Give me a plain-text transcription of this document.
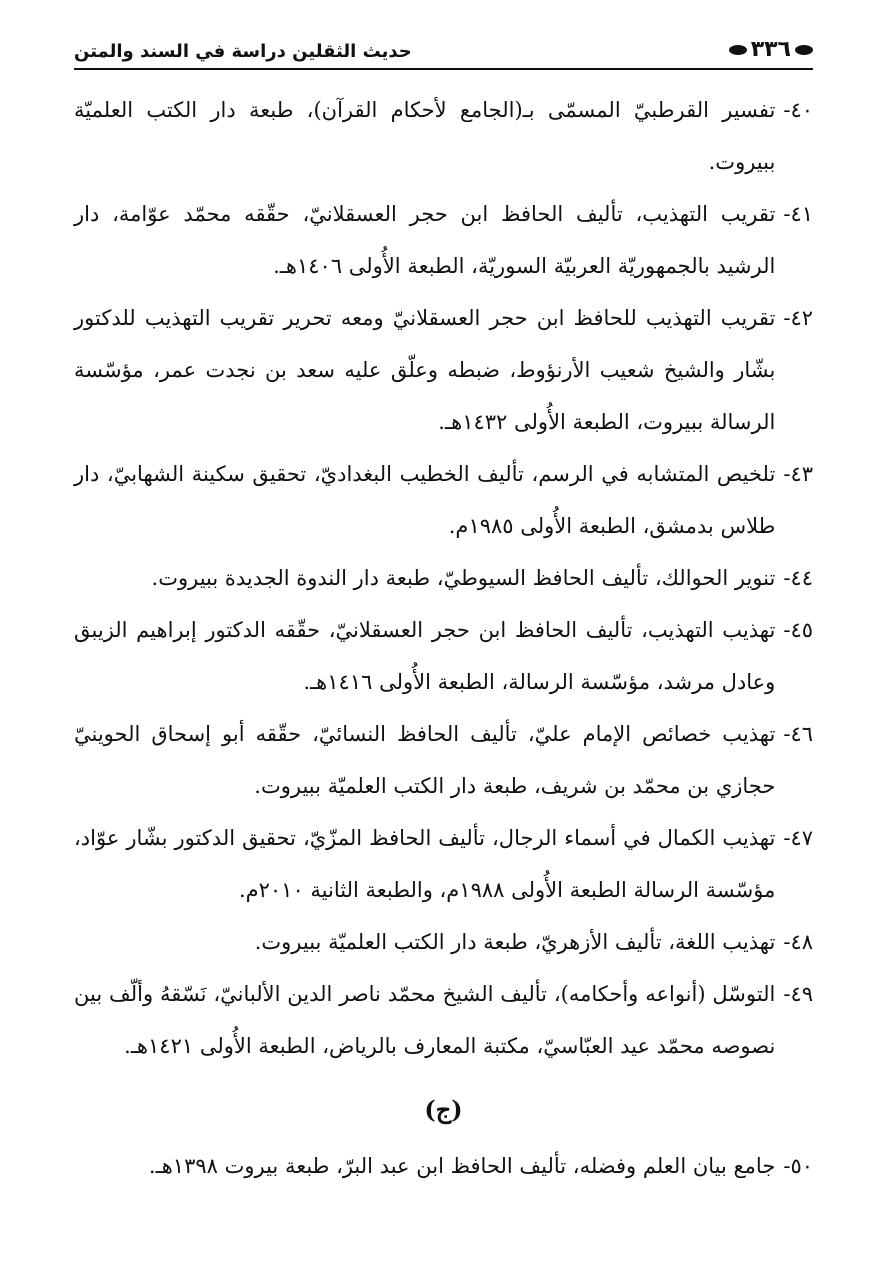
٣٣٦
حديث الثقلين دراسة في السند والمتن
٤٠-
تفسير القرطبيّ المسمّى بـ(الجامع لأحكام القرآن)، طبعة دار الكتب العلميّة ببيروت.
٤١-
تقريب التهذيب، تأليف الحافظ ابن حجر العسقلانيّ، حقّقه محمّد عوّامة، دار الرشيد بالجمهوريّة العربيّة السوريّة، الطبعة الأُولى ١٤٠٦هـ.
٤٢-
تقريب التهذيب للحافظ ابن حجر العسقلانيّ ومعه تحرير تقريب التهذيب للدكتور بشّار والشيخ شعيب الأرنؤوط، ضبطه وعلّق عليه سعد بن نجدت عمر، مؤسّسة الرسالة ببيروت، الطبعة الأُولى ١٤٣٢هـ.
٤٣-
تلخيص المتشابه في الرسم، تأليف الخطيب البغداديّ، تحقيق سكينة الشهابيّ، دار طلاس بدمشق، الطبعة الأُولى ١٩٨٥م.
٤٤-
تنوير الحوالك، تأليف الحافظ السيوطيّ، طبعة دار الندوة الجديدة ببيروت.
٤٥-
تهذيب التهذيب، تأليف الحافظ ابن حجر العسقلانيّ، حقّقه الدكتور إبراهيم الزيبق وعادل مرشد، مؤسّسة الرسالة، الطبعة الأُولى ١٤١٦هـ.
٤٦-
تهذيب خصائص الإمام عليّ، تأليف الحافظ النسائيّ، حقّقه أبو إسحاق الحوينيّ حجازي بن محمّد بن شريف، طبعة دار الكتب العلميّة ببيروت.
٤٧-
تهذيب الكمال في أسماء الرجال، تأليف الحافظ المزّيّ، تحقيق الدكتور بشّار عوّاد، مؤسّسة الرسالة الطبعة الأُولى ١٩٨٨م، والطبعة الثانية ٢٠١٠م.
٤٨-
تهذيب اللغة، تأليف الأزهريّ، طبعة دار الكتب العلميّة ببيروت.
٤٩-
التوسّل (أنواعه وأحكامه)، تأليف الشيخ محمّد ناصر الدين الألبانيّ، نَسّقهُ وألّف بين نصوصه محمّد عيد العبّاسيّ، مكتبة المعارف بالرياض، الطبعة الأُولى ١٤٢١هـ.
(ج)
٥٠-
جامع بيان العلم وفضله، تأليف الحافظ ابن عبد البرّ، طبعة بيروت ١٣٩٨هـ.
